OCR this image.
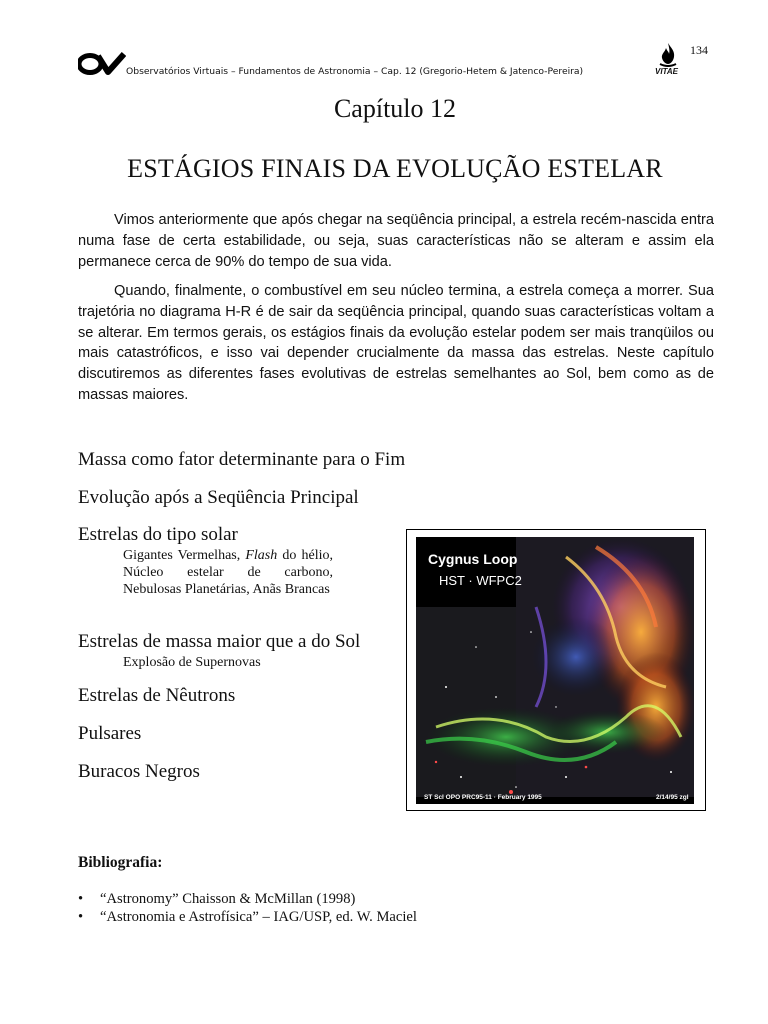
134
Observatórios Virtuais – Fundamentos de Astronomia – Cap. 12 (Gregorio-Hetem & Jatenco-Pereira)	VITAE
Capítulo 12
ESTÁGIOS FINAIS DA EVOLUÇÃO ESTELAR
Vimos anteriormente que após chegar na seqüência principal, a estrela recém-nascida entra numa fase de certa estabilidade, ou seja, suas características não se alteram e assim ela permanece cerca de 90% do tempo de sua vida.
Quando, finalmente, o combustível em seu núcleo termina, a estrela começa a morrer. Sua trajetória no diagrama H-R é de sair da seqüência principal, quando suas características voltam a se alterar. Em termos gerais, os estágios finais da evolução estelar podem ser mais tranqüilos ou mais catastróficos, e isso vai depender crucialmente da massa das estrelas. Neste capítulo discutiremos as diferentes fases evolutivas de estrelas semelhantes ao Sol, bem como as de massas maiores.
Massa como fator determinante para o Fim
Evolução após a Seqüência Principal
Estrelas do tipo solar
Gigantes Vermelhas, Flash do hélio, Núcleo estelar de carbono, Nebulosas Planetárias, Anãs Brancas
Estrelas de massa maior que a do Sol
Explosão de Supernovas
Estrelas de Nêutrons
Pulsares
Buracos Negros
Cygnus Loop
HST · WFPC2
ST ScI OPO PRC95-11 · February 1995	2/14/95 zgl
Bibliografia:
• “Astronomy” Chaisson & McMillan (1998)
• “Astronomia e Astrofísica” – IAG/USP, ed. W. Maciel
